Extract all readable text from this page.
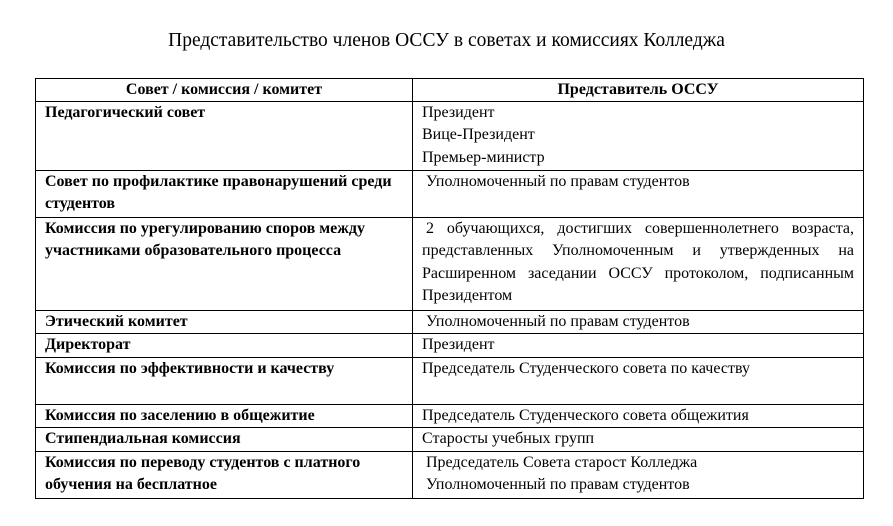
Представительство членов ОССУ в советах и комиссиях Колледжа
Совет / комиссия / комитет	Представитель ОССУ
Педагогический совет	Президент
Вице-Президент
Премьер-министр

Совет по профилактике правонарушений среди студентов	Уполномоченный по правам студентов

Комиссия по урегулированию споров между участниками образовательного процесса	2 обучающихся, достигших совершеннолетнего возраста, представленных Уполномоченным и утвержденных на Расширенном заседании ОССУ протоколом, подписанным Президентом
Этический комитет	Уполномоченный по правам студентов

Директорат	Президент

Комиссия по эффективности и качеству	Председатель Студенческого совета по качеству

Комиссия по заселению в общежитие	Председатель Студенческого совета общежития

Стипендиальная комиссия	Старосты учебных групп

Комиссия по переводу студентов с платного обучения на бесплатное	Председатель Совета старост Колледжа
Уполномоченный по правам студентов
